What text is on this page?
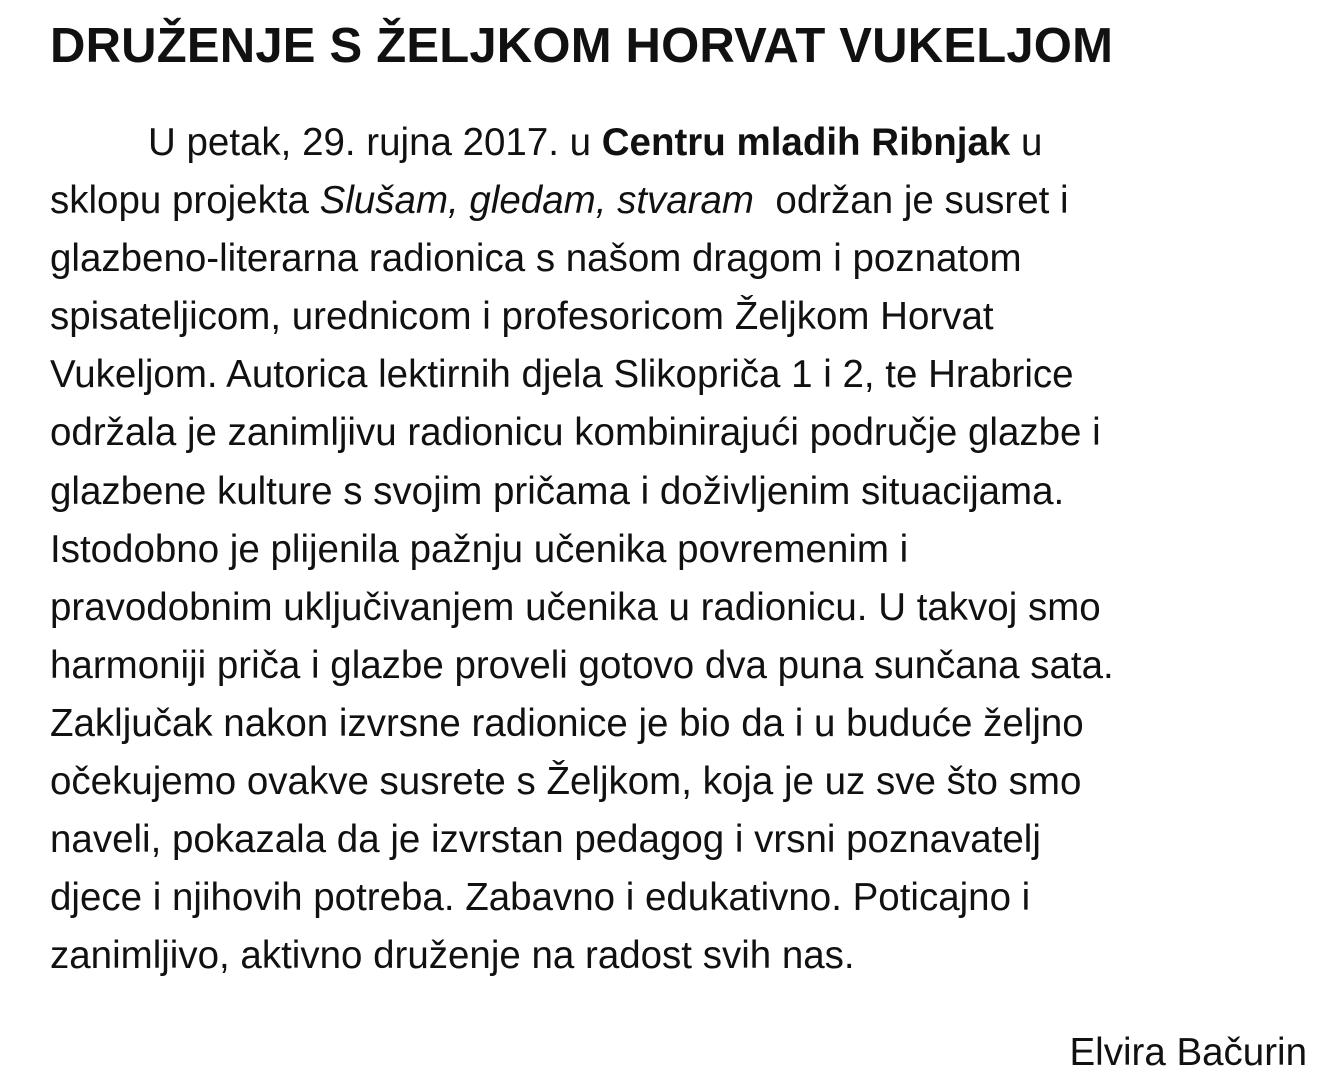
DRUŽENJE S ŽELJKOM HORVAT VUKELJOM
U petak, 29. rujna 2017. u Centru mladih Ribnjak u
sklopu projekta Slušam, gledam, stvaram  održan je susret i
glazbeno-literarna radionica s našom dragom i poznatom
spisateljicom, urednicom i profesoricom Željkom Horvat
Vukeljom. Autorica lektirnih djela Slikopriča 1 i 2, te Hrabrice
održala je zanimljivu radionicu kombinirajući područje glazbe i
glazbene kulture s svojim pričama i doživljenim situacijama.
Istodobno je plijenila pažnju učenika povremenim i
pravodobnim uključivanjem učenika u radionicu. U takvoj smo
harmoniji priča i glazbe proveli gotovo dva puna sunčana sata.
Zaključak nakon izvrsne radionice je bio da i u buduće željno
očekujemo ovakve susrete s Željkom, koja je uz sve što smo
naveli, pokazala da je izvrstan pedagog i vrsni poznavatelj
djece i njihovih potreba. Zabavno i edukativno. Poticajno i
zanimljivo, aktivno druženje na radost svih nas.

Elvira Bačurin
